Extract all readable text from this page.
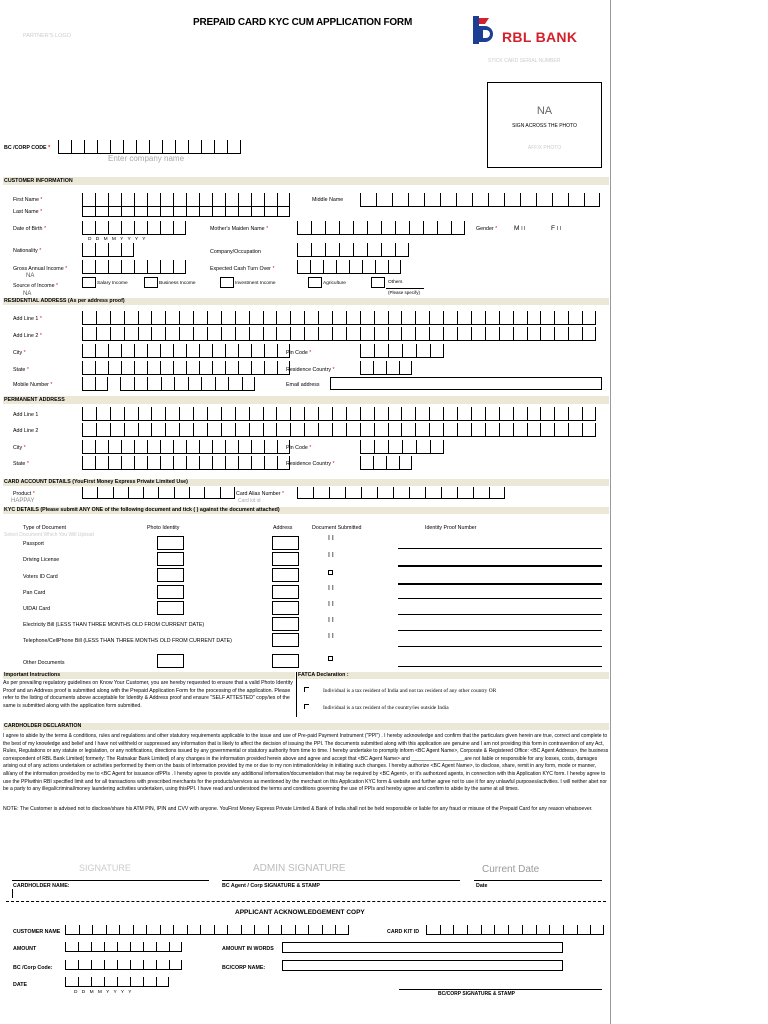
PREPAID CARD KYC CUM APPLICATION FORM
PARTNER'S LOGO	RBL BANK
STICK CARD SERIAL NUMBER
NA
SIGN ACROSS THE PHOTO
AFFIX PHOTO
BC /CORP CODE *
Enter company name
CUSTOMER INFORMATION
First Name *	Middle Name
Last Name *
Date of Birth *
D D M M Y Y Y Y
Mother's Maiden Name *	Gender *	M I I	F I I
Nationality *	Company/Occupation
Gross Annual Income *
NA
Expected Cash Turn Over *
Source of Income *
NA
Salary Income	Business Income	Investment Income	Agriculture	Others
(Please specify)
RESIDENTIAL ADDRESS (As per address proof)
Add Line 1 *
Add Line 2 *
City *	Pin Code *
State *	Residence Country *
Mobile Number *	Email address
PERMANENT ADDRESS
Add Line 1
Add Line 2
City *	Pin Code *
State *	Residence Country *
CARD ACCOUNT DETAILS (YouFirst Money Express Private Limited Use)
Product *
HAPPAY
Card Alias Number *
Card kit id
KYC DETAILS (Please submit ANY ONE of the following document and tick ( ) against the document attached)
Type of Document	Photo Identity	Address	Document Submitted	Identity Proof Number
Select Document Which You Will Upload
Passport
I I
Driving License
I I
Voters ID Card
Pan Card
I I
UIDAI Card
I I
Electricity Bill (LESS THAN THREE MONTHS OLD FROM CURRENT DATE)
I I
Telephone/CellPhone Bill (LESS THAN THREE MONTHS OLD FROM CURRENT DATE)
I I
Other Documents
Important Instructions	FATCA Declaration :
As per prevailing regulatory guidelines on Know Your Customer, you are hereby requested to ensure that a valid Photo Identity Proof and an Address proof is submitted along with the Prepaid Application Form for the processing of the application. Please refer to the listing of documents above acceptable for Identity & Address proof and ensure "SELF ATTESTED" copy/ies of the same is submitted along with the application form submitted.
Individual is a tax resident of India and not tax resident of any other country OR
Individual is a tax resident of the country/ies outside India
CARDHOLDER DECLARATION
I agree to abide by the terms & conditions, rules and regulations and other statutory requirements applicable to the issue and use of Pre-paid Payment Instrument ("PPI") . I hereby acknowledge and confirm that the particulars given herein are true, correct and complete to the best of my knowledge and belief and I have not withheld or suppressed any information that is likely to affect the decision of issuing the PPI. The documents submitted along with this application are genuine and I am not providing this form in contravention of any Act, Rules, Regulations or any statute or legislation, or any notifications, directions issued by any governmental or statutory authority from time to time. I hereby undertake to promptly inform <BC Agent Name>, Corporate & Registered Office: <BC Agent Address>, the business correspondent of RBL Bank Limited( formerly: The Ratnakar Bank Limited) of any changes in the information provided herein above and agree and accept that <BC Agent Name> and ___________________are not liable or responsible for any losses, costs, damages arising out of any actions undertaken or activities performed by them on the basis of information provided by me or due to my non intimation/delay in initiating such changes. I hereby authorize <BC Agent Name>, to disclose, share, remit in any form, mode or manner, all/any of the information provided by me to <BC Agent for issuance ofPPIs . I hereby agree to provide any additional information/documentation that may be required by <BC Agent>, or it's authorized agents, in connection with this Application KYC form. I hereby agree to use the PPIwithin RBI specified limit and for all transactions with prescribed merchants for the products/services as mentioned by the merchant on this Application KYC form & website and further agree not to use it for any unlawful purposes/activities. I will neither abet nor be a party to any illegal/criminal/money laundering activities undertaken, using thisPPI. I have read and understood the terms and conditions governing the use of PPIs and hereby agree and confirm to abide by the same at all times.
NOTE: The Customer is advised not to disclose/share his ATM PIN, IPIN and CVV with anyone. YouFirst Money Express Private Limited & Bank of India shall not be held responsible or liable for any fraud or misuse of the Prepaid Card for any reason whatsoever.
SIGNATURE	ADMIN SIGNATURE	Current Date
CARDHOLDER NAME:	BC Agent / Corp SIGNATURE & STAMP	Date
APPLICANT ACKNOWLEDGEMENT COPY
CUSTOMER NAME	CARD KIT ID
AMOUNT	AMOUNT IN WORDS
BC /Corp Code:	BC/CORP NAME:
DATE
D D M M Y Y Y Y	BC/CORP SIGNATURE & STAMP
